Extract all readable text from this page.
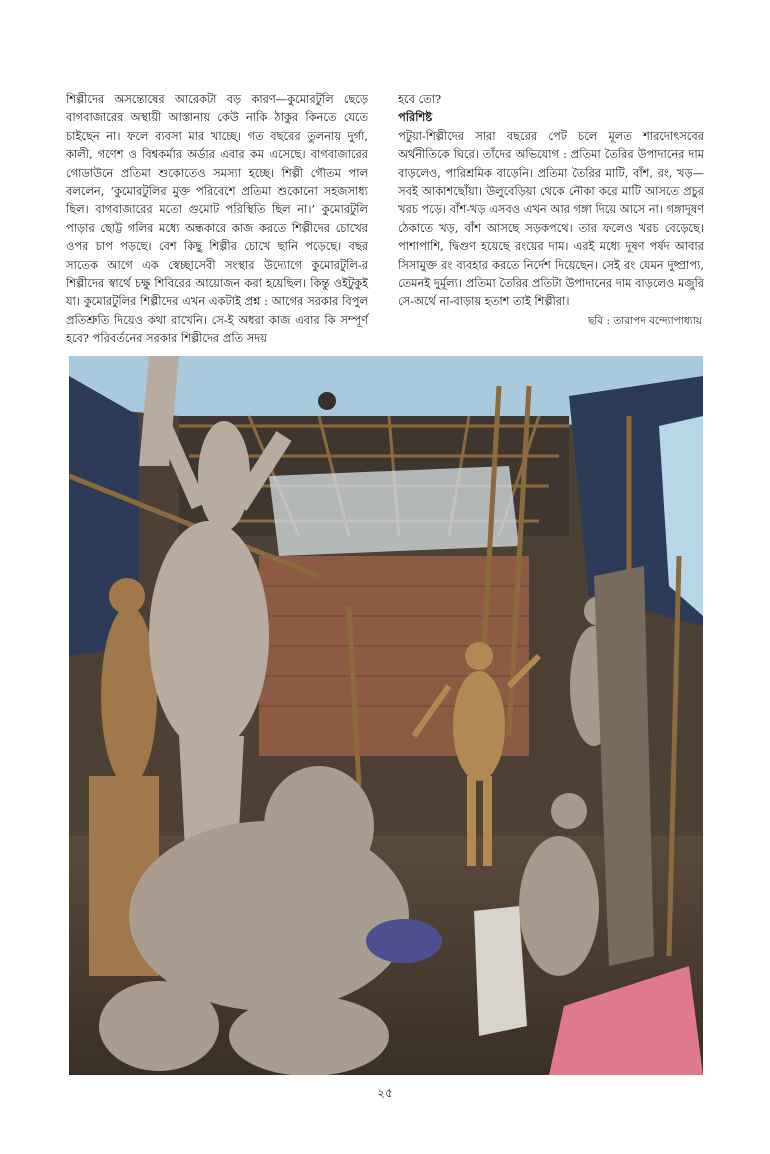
শিল্পীদের অসন্তোষের আরেকটা বড় কারণ—কুমোরটুলি ছেড়ে বাগবাজারের অস্থায়ী আস্তানায় কেউ নাকি ঠাকুর কিনতে যেতে চাইছেন না। ফলে ব্যবসা মার খাচ্ছে। গত বছরের তুলনায় দুর্গা, কালী, গণেশ ও বিশ্বকর্মার অর্ডার এবার কম এসেছে। বাগবাজারের গোডাউনে প্রতিমা শুকোতেও সমস্যা হচ্ছে। শিল্পী গৌতম পাল বললেন, ‘কুমোরটুলির মুক্ত পরিবেশে প্রতিমা শুকোনো সহজসাধ্য ছিল। বাগবাজারের মতো গুমোট পরিস্থিতি ছিল না।’ কুমোরটুলি পাড়ার ছোট্ট গলির মধ্যে অন্ধকারে কাজ করতে শিল্পীদের চোখের ওপর চাপ পড়ছে। বেশ কিছু শিল্পীর চোখে ছানি পড়েছে। বছর সাতেক আগে এক স্বেচ্ছাসেবী সংস্থার উদ্যোগে কুমোরটুলি-র শিল্পীদের স্বার্থে চক্ষু শিবিরের আয়োজন করা হয়েছিল। কিন্তু ওইটুকুই যা। কুমোরটুলির শিল্পীদের এখন একটাই প্রশ্ন : আগের সরকার বিপুল প্রতিশ্রুতি দিয়েও কথা রাখেনি। সে-ই অধরা কাজ এবার কি সম্পূর্ণ হবে? পরিবর্তনের সরকার শিল্পীদের প্রতি সদয়

হবে তো?

পরিশিষ্ট

পটুয়া-শিল্পীদের সারা বছরের পেট চলে মূলত শারদোৎসবের অর্থনীতিকে ঘিরে। তাঁদের অভিযোগ : প্রতিমা তৈরির উপাদানের দাম বাড়লেও, পারিশ্রমিক বাড়েনি। প্রতিমা তৈরির মাটি, বাঁশ, রং, খড়—সবই আকাশছোঁয়া। উলুবেড়িয়া থেকে নৌকা করে মাটি আসতে প্রচুর খরচ পড়ে। বাঁশ-খড় এসবও এখন আর গঙ্গা দিয়ে আসে না। গঙ্গাদূষণ ঠেকাতে খড়, বাঁশ আসছে সড়কপথে। তার ফলেও খরচ বেড়েছে। পাশাপাশি, দ্বিগুণ হয়েছে রংয়ের দাম। এরই মধ্যে দূষণ পর্ষদ আবার সিসামুক্ত রং ব্যবহার করতে নির্দেশ দিয়েছেন। সেই রং যেমন দুষ্প্রাপ্য, তেমনই দুর্মূল্য। প্রতিমা তৈরির প্রতিটা উপাদানের দাম বাড়লেও মজুরি সে-অর্থে না-বাড়ায় হতাশ তাই শিল্পীরা।

ছবি : তারাপদ বন্দ্যোপাধ্যায়
২৫
